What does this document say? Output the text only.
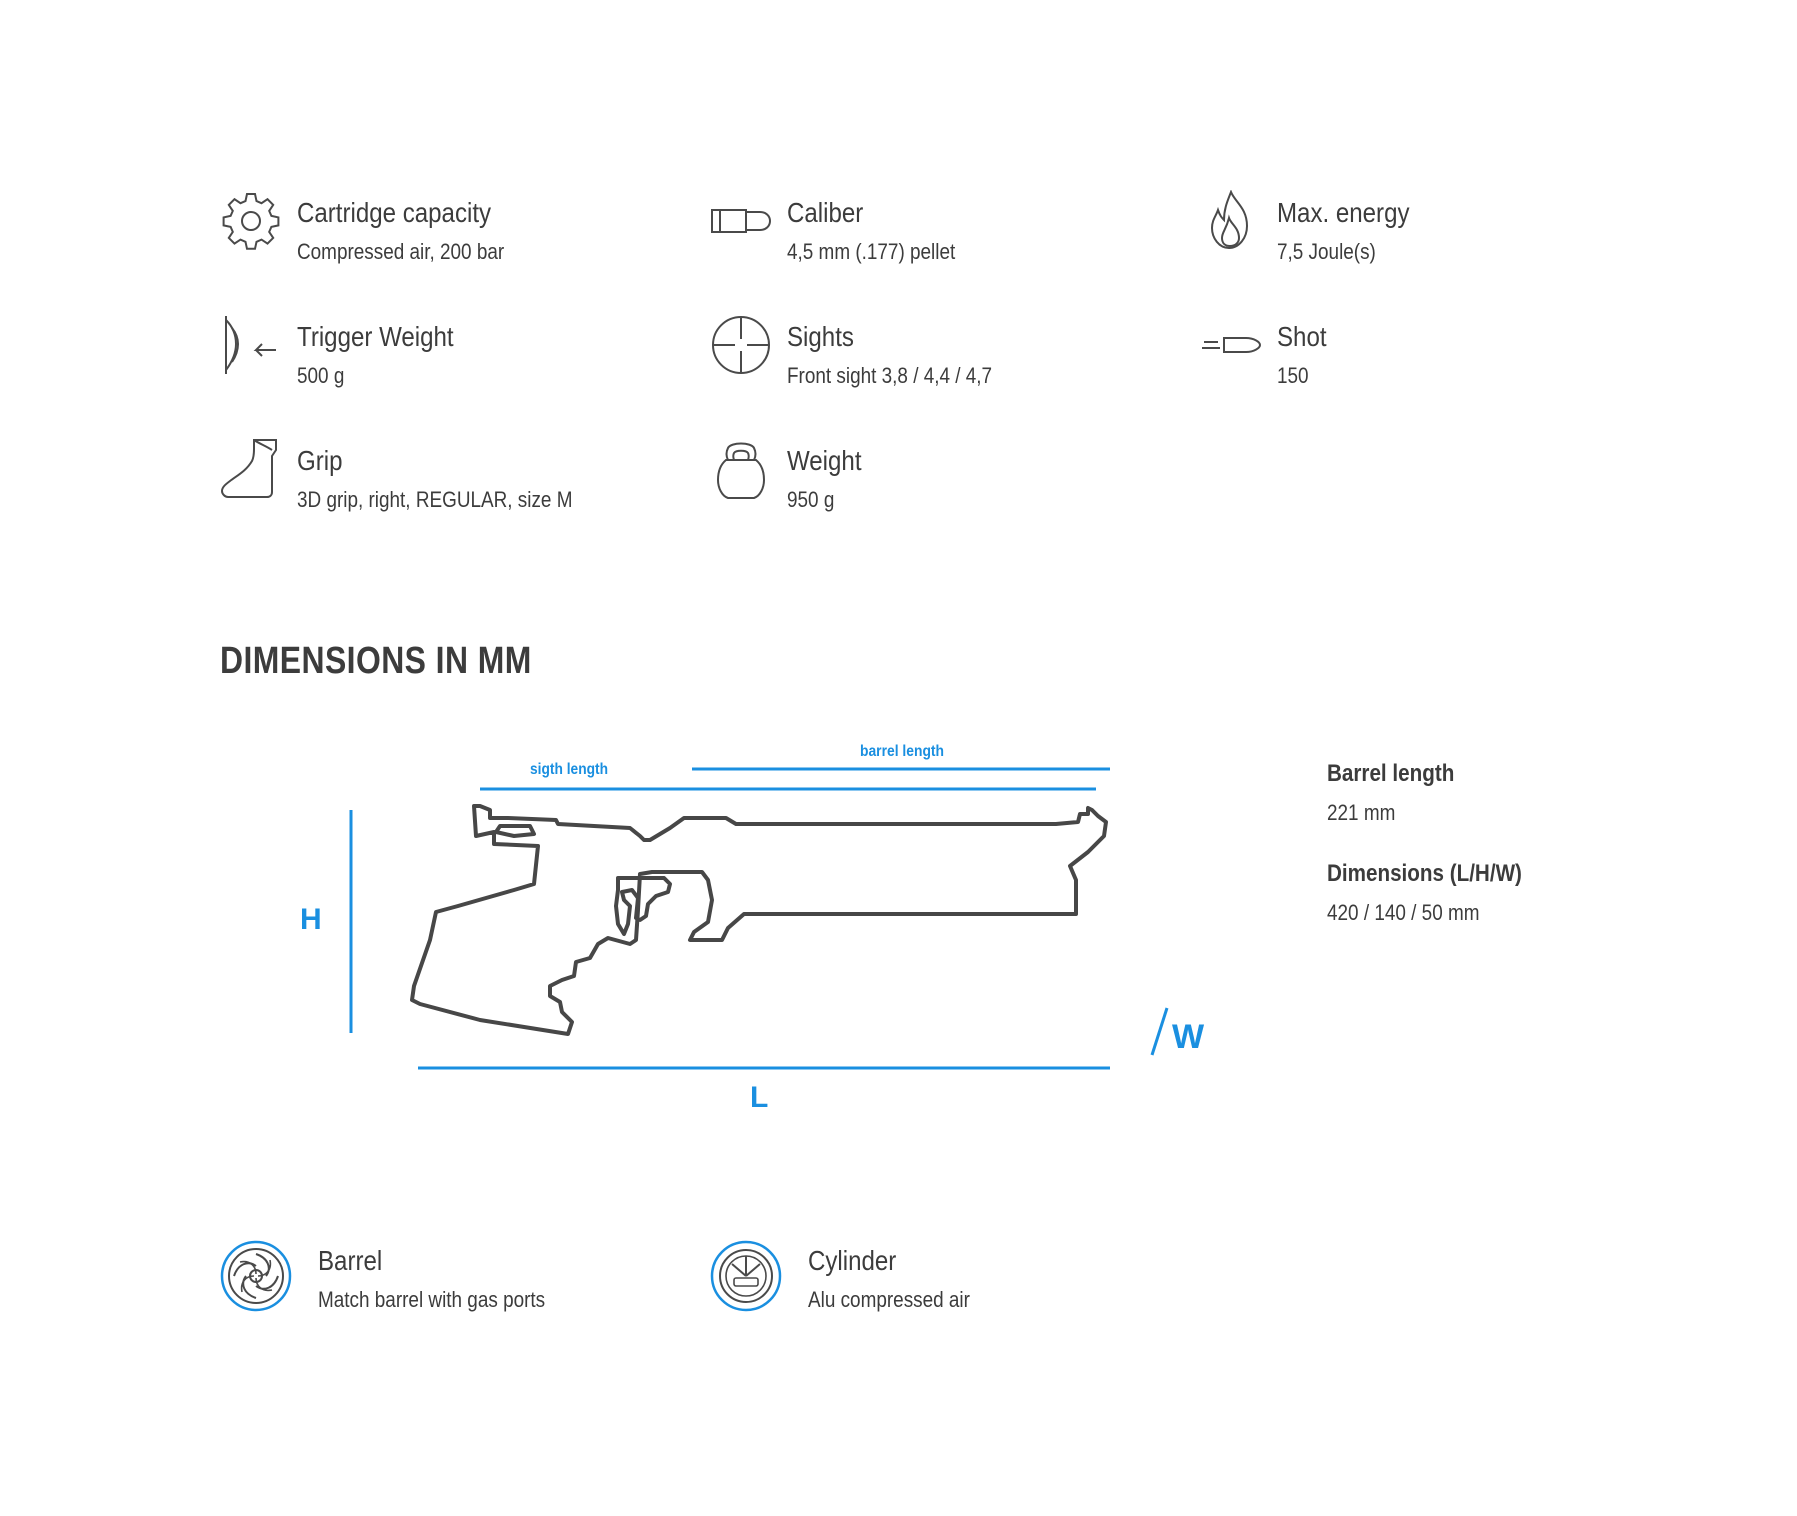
Cartridge capacity
Compressed air, 200 bar
Caliber
4,5 mm (.177) pellet
Max. energy
7,5 Joule(s)
Trigger Weight
500 g
Sights
Front sight 3,8 / 4,4 / 4,7
Shot
150
Grip
3D grip, right, REGULAR, size M
Weight
950 g
DIMENSIONS IN MM
sigth length
barrel length
H
L
W
Barrel length
221 mm
Dimensions (L/H/W)
420 / 140 / 50 mm
Barrel
Match barrel with gas ports
Cylinder
Alu compressed air
